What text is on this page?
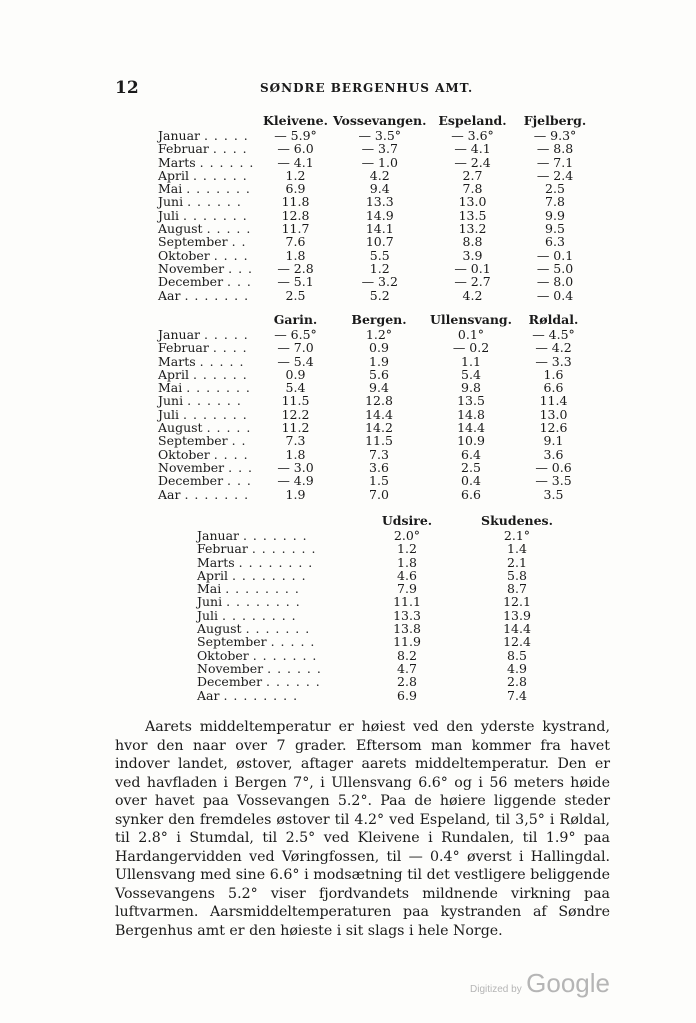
12	SØNDRE BERGENHUS AMT.
	Kleivene.	Vossevangen.	Espeland.	Fjelberg.
Januar . . . . .	— 5.9°	— 3.5°	— 3.6°	— 9.3°
Februar . . . .	— 6.0	— 3.7	— 4.1	— 8.8
Marts . . . . . .	— 4.1	— 1.0	— 2.4	— 7.1
April . . . . . .	1.2	4.2	2.7	— 2.4
Mai . . . . . . .	6.9	9.4	7.8	2.5
Juni . . . . . .	11.8	13.3	13.0	7.8
Juli . . . . . . .	12.8	14.9	13.5	9.9
August . . . . .	11.7	14.1	13.2	9.5
September . .	7.6	10.7	8.8	6.3
Oktober . . . .	1.8	5.5	3.9	— 0.1
November . . .	— 2.8	1.2	— 0.1	— 5.0
December . . .	— 5.1	— 3.2	— 2.7	— 8.0
Aar . . . . . . .	2.5	5.2	4.2	— 0.4
	Garin.	Bergen.	Ullensvang.	Røldal.
Januar . . . . .	— 6.5°	1.2°	0.1°	— 4.5°
Februar . . . .	— 7.0	0.9	— 0.2	— 4.2
Marts . . . . .	— 5.4	1.9	1.1	— 3.3
April . . . . . .	0.9	5.6	5.4	1.6
Mai . . . . . . .	5.4	9.4	9.8	6.6
Juni . . . . . .	11.5	12.8	13.5	11.4
Juli . . . . . . .	12.2	14.4	14.8	13.0
August . . . . .	11.2	14.2	14.4	12.6
September . .	7.3	11.5	10.9	9.1
Oktober . . . .	1.8	7.3	6.4	3.6
November . . .	— 3.0	3.6	2.5	— 0.6
December . . .	— 4.9	1.5	0.4	— 3.5
Aar . . . . . . .	1.9	7.0	6.6	3.5
	Udsire.	Skudenes.
Januar . . . . . . .	2.0°	2.1°
Februar . . . . . . .	1.2	1.4
Marts . . . . . . . .	1.8	2.1
April . . . . . . . .	4.6	5.8
Mai . . . . . . . .	7.9	8.7
Juni . . . . . . . .	11.1	12.1
Juli . . . . . . . .	13.3	13.9
August . . . . . . .	13.8	14.4
September . . . . .	11.9	12.4
Oktober . . . . . . .	8.2	8.5
November . . . . . .	4.7	4.9
December . . . . . .	2.8	2.8
Aar . . . . . . . .	6.9	7.4

Aarets middeltemperatur er høiest ved den yderste kystrand, hvor den naar over 7 grader. Eftersom man kommer fra havet indover landet, østover, aftager aarets middeltemperatur. Den er ved havfladen i Bergen 7°, i Ullensvang 6.6° og i 56 meters høide over havet paa Vossevangen 5.2°. Paa de høiere liggende steder synker den fremdeles østover til 4.2° ved Espeland, til 3,5° i Røldal, til 2.8° i Stumdal, til 2.5° ved Kleivene i Rundalen, til 1.9° paa Hardangervidden ved Vøringfossen, til — 0.4° øverst i Hallingdal. Ullensvang med sine 6.6° i modsætning til det vestligere beliggende Vossevangens 5.2° viser fjordvandets mildnende virkning paa luftvarmen. Aarsmiddeltemperaturen paa kystranden af Søndre Bergenhus amt er den høieste i sit slags i hele Norge.

Digitized by Google
